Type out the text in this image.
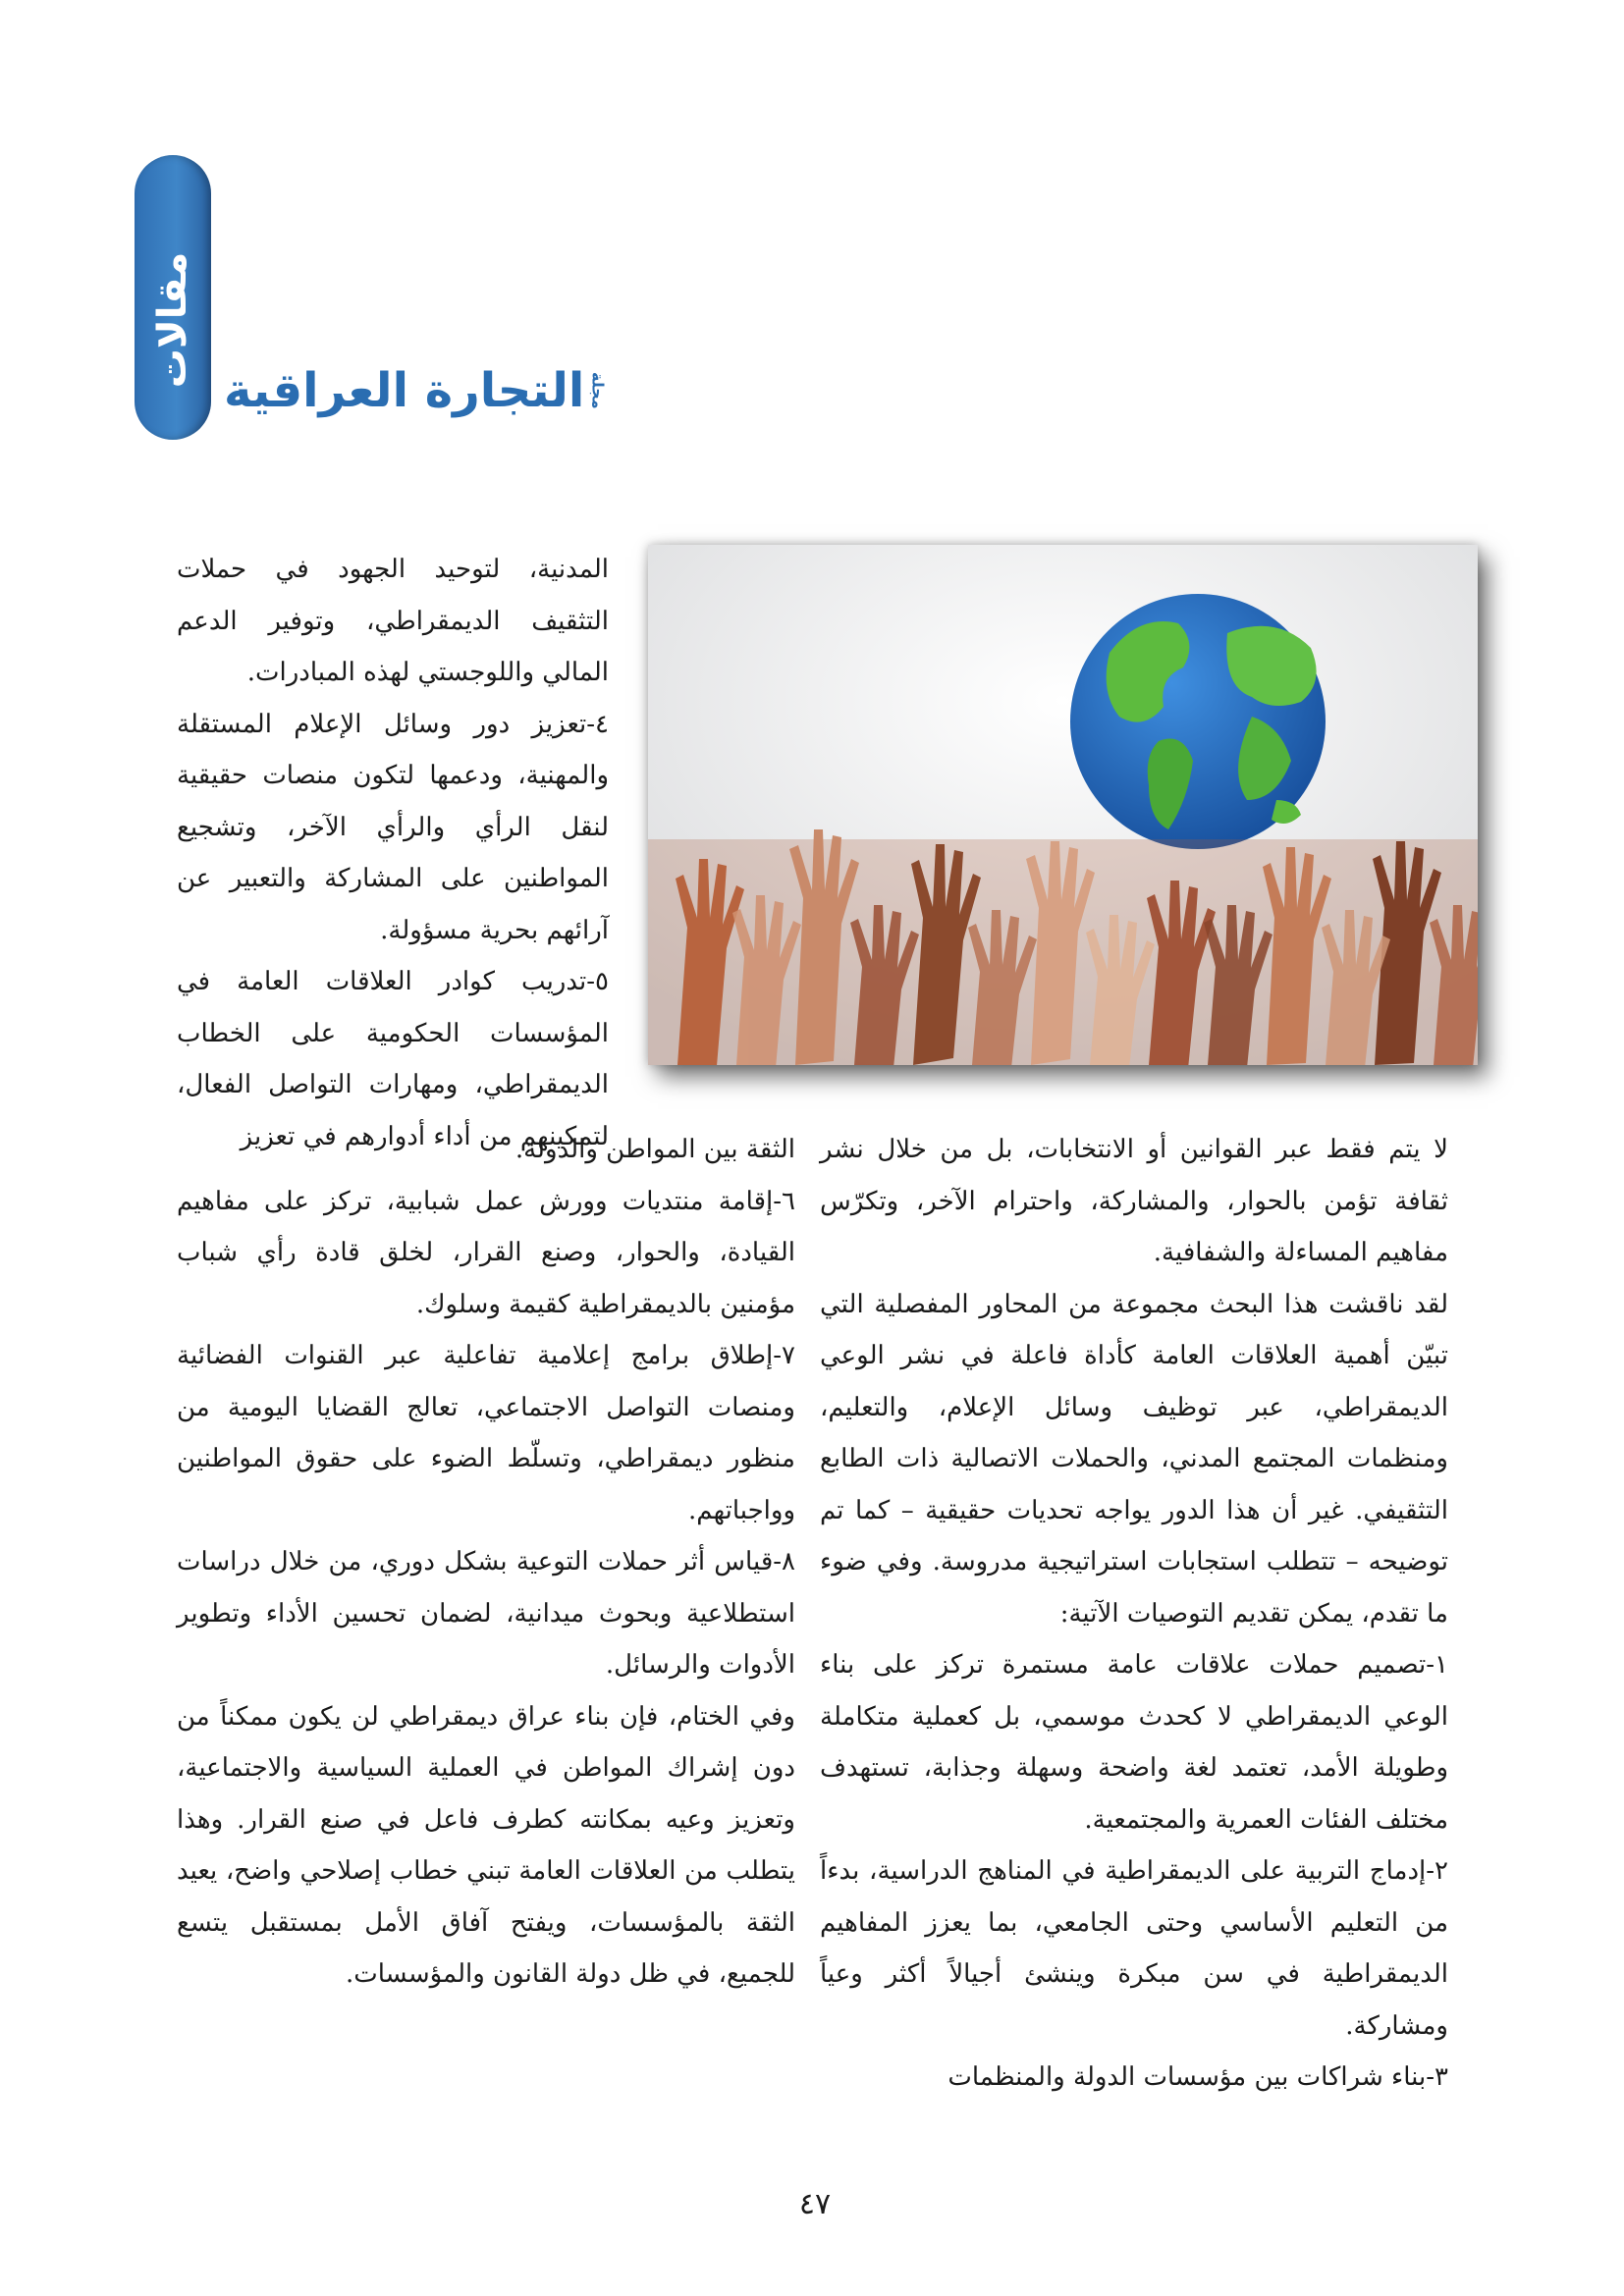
مقالات
مجلة
التجارة العراقية

المدنية، لتوحيد الجهود في حملات التثقيف الديمقراطي، وتوفير الدعم المالي واللوجستي لهذه المبادرات.

٤-تعزيز دور وسائل الإعلام المستقلة والمهنية، ودعمها لتكون منصات حقيقية لنقل الرأي والرأي الآخر، وتشجيع المواطنين على المشاركة والتعبير عن آرائهم بحرية مسؤولة.

٥-تدريب كوادر العلاقات العامة في المؤسسات الحكومية على الخطاب الديمقراطي، ومهارات التواصل الفعال، لتمكينهم من أداء أدوارهم في تعزيز

الثقة بين المواطن والدولة.

٦-إقامة منتديات وورش عمل شبابية، تركز على مفاهيم القيادة، والحوار، وصنع القرار، لخلق قادة رأي شباب مؤمنين بالديمقراطية كقيمة وسلوك.

٧-إطلاق برامج إعلامية تفاعلية عبر القنوات الفضائية ومنصات التواصل الاجتماعي، تعالج القضايا اليومية من منظور ديمقراطي، وتسلّط الضوء على حقوق المواطنين وواجباتهم.

٨-قياس أثر حملات التوعية بشكل دوري، من خلال دراسات استطلاعية وبحوث ميدانية، لضمان تحسين الأداء وتطوير الأدوات والرسائل.

وفي الختام، فإن بناء عراق ديمقراطي لن يكون ممكناً من دون إشراك المواطن في العملية السياسية والاجتماعية، وتعزيز وعيه بمكانته كطرف فاعل في صنع القرار. وهذا يتطلب من العلاقات العامة تبني خطاب إصلاحي واضح، يعيد الثقة بالمؤسسات، ويفتح آفاق الأمل بمستقبل يتسع للجميع، في ظل دولة القانون والمؤسسات.

لا يتم فقط عبر القوانين أو الانتخابات، بل من خلال نشر ثقافة تؤمن بالحوار، والمشاركة، واحترام الآخر، وتكرّس مفاهيم المساءلة والشفافية.

لقد ناقشت هذا البحث مجموعة من المحاور المفصلية التي تبيّن أهمية العلاقات العامة كأداة فاعلة في نشر الوعي الديمقراطي، عبر توظيف وسائل الإعلام، والتعليم، ومنظمات المجتمع المدني، والحملات الاتصالية ذات الطابع التثقيفي. غير أن هذا الدور يواجه تحديات حقيقية – كما تم توضيحه – تتطلب استجابات استراتيجية مدروسة. وفي ضوء ما تقدم، يمكن تقديم التوصيات الآتية:

١-تصميم حملات علاقات عامة مستمرة تركز على بناء الوعي الديمقراطي لا كحدث موسمي، بل كعملية متكاملة وطويلة الأمد، تعتمد لغة واضحة وسهلة وجذابة، تستهدف مختلف الفئات العمرية والمجتمعية.

٢-إدماج التربية على الديمقراطية في المناهج الدراسية، بدءاً من التعليم الأساسي وحتى الجامعي، بما يعزز المفاهيم الديمقراطية في سن مبكرة وينشئ أجيالاً أكثر وعياً ومشاركة.

٣-بناء شراكات بين مؤسسات الدولة والمنظمات

٤٧
